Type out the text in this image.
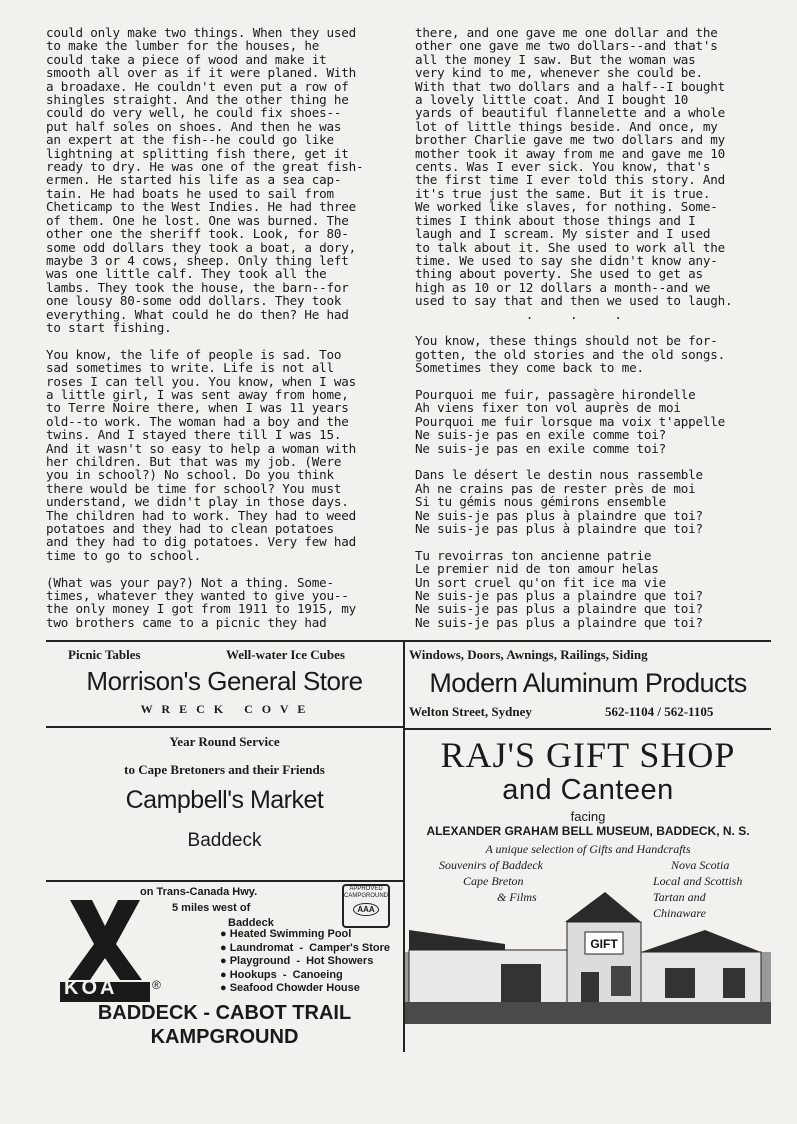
could only make two things. When they used
to make the lumber for the houses, he
could take a piece of wood and make it
smooth all over as if it were planed. With
a broadaxe. He couldn't even put a row of
shingles straight. And the other thing he
could do very well, he could fix shoes--
put half soles on shoes. And then he was
an expert at the fish--he could go like
lightning at splitting fish there, get it
ready to dry. He was one of the great fish-
ermen. He started his life as a sea cap-
tain. He had boats he used to sail from
Cheticamp to the West Indies. He had three
of them. One he lost. One was burned. The
other one the sheriff took. Look, for 80-
some odd dollars they took a boat, a dory,
maybe 3 or 4 cows, sheep. Only thing left
was one little calf. They took all the
lambs. They took the house, the barn--for
one lousy 80-some odd dollars. They took
everything. What could he do then? He had
to start fishing.

You know, the life of people is sad. Too
sad sometimes to write. Life is not all
roses I can tell you. You know, when I was
a little girl, I was sent away from home,
to Terre Noire there, when I was 11 years
old--to work. The woman had a boy and the
twins. And I stayed there till I was 15.
And it wasn't so easy to help a woman with
her children. But that was my job. (Were
you in school?) No school. Do you think
there would be time for school? You must
understand, we didn't play in those days.
The children had to work. They had to weed
potatoes and they had to clean potatoes
and they had to dig potatoes. Very few had
time to go to school.

(What was your pay?) Not a thing. Some-
times, whatever they wanted to give you--
the only money I got from 1911 to 1915, my
two brothers came to a picnic they had
there, and one gave me one dollar and the
other one gave me two dollars--and that's
all the money I saw. But the woman was
very kind to me, whenever she could be.
With that two dollars and a half--I bought
a lovely little coat. And I bought 10
yards of beautiful flannelette and a whole
lot of little things beside. And once, my
brother Charlie gave me two dollars and my
mother took it away from me and gave me 10
cents. Was I ever sick. You know, that's
the first time I ever told this story. And
it's true just the same. But it is true.
We worked like slaves, for nothing. Some-
times I think about those things and I
laugh and I scream. My sister and I used
to talk about it. She used to work all the
time. We used to say she didn't know any-
thing about poverty. She used to get as
high as 10 or 12 dollars a month--and we
used to say that and then we used to laugh.
.     .     .

You know, these things should not be for-
gotten, the old stories and the old songs.
Sometimes they come back to me.

Pourquoi me fuir, passagère hirondelle
Ah viens fixer ton vol auprès de moi
Pourquoi me fuir lorsque ma voix t'appelle
Ne suis-je pas en exile comme toi?
Ne suis-je pas en exile comme toi?

Dans le désert le destin nous rassemble
Ah ne crains pas de rester près de moi
Si tu gémis nous gémirons ensemble
Ne suis-je pas plus à plaindre que toi?
Ne suis-je pas plus à plaindre que toi?

Tu revoirras ton ancienne patrie
Le premier nid de ton amour helas
Un sort cruel qu'on fit ice ma vie
Ne suis-je pas plus a plaindre que toi?
Ne suis-je pas plus a plaindre que toi?
Ne suis-je pas plus a plaindre que toi?
Picnic Tables	Well-water Ice Cubes
Morrison's General Store
W R E C K   C O V E
Windows, Doors, Awnings, Railings, Siding
Modern Aluminum Products
Welton Street, Sydney	562-1104 / 562-1105
Year Round Service
to Cape Bretoners and their Friends
Campbell's Market
Baddeck
RAJ'S GIFT SHOP
and Canteen
facing
ALEXANDER GRAHAM BELL MUSEUM, BADDECK, N. S.
A unique selection of Gifts and Handcrafts
Souvenirs of Baddeck
Cape Breton
& Films
Nova Scotia
Local and Scottish
Tartan and
Chinaware
GIFT
on Trans-Canada Hwy.
5 miles west of
Baddeck
APPROVED
CAMPGROUND
AAA
KOA	®
● Heated Swimming Pool
● Laundromat  -  Camper's Store
● Playground  -  Hot Showers
● Hookups  -  Canoeing
● Seafood Chowder House
BADDECK - CABOT TRAIL
KAMPGROUND
